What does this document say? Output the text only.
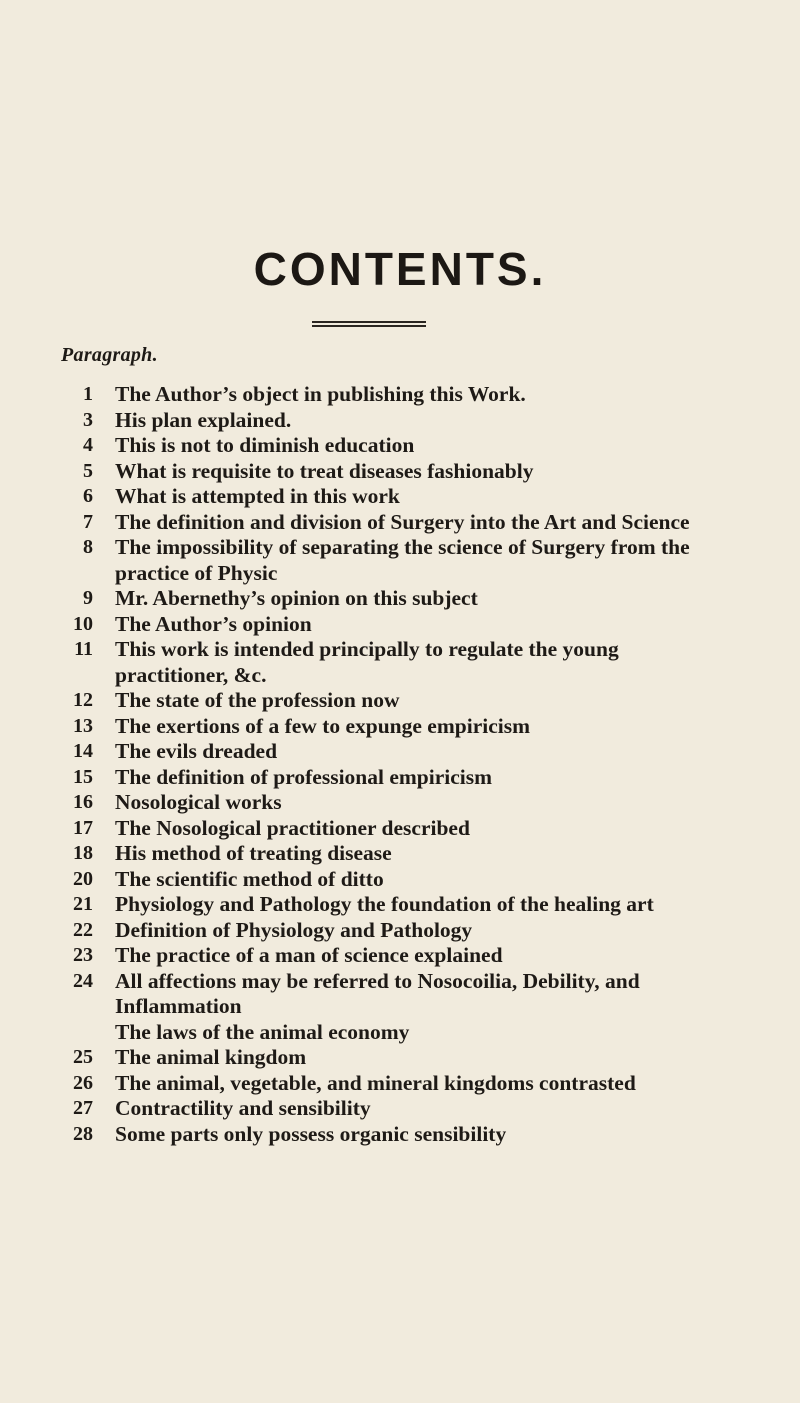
CONTENTS.
Paragraph.
1 The Author’s object in publishing this Work.
3 His plan explained.
4 This is not to diminish education
5 What is requisite to treat diseases fashionably
6 What is attempted in this work
7 The definition and division of Surgery into the Art and Science
8 The impossibility of separating the science of Surgery from the practice of Physic
9 Mr. Abernethy’s opinion on this subject
10 The Author’s opinion
11 This work is intended principally to regulate the young practitioner, &c.
12 The state of the profession now
13 The exertions of a few to expunge empiricism
14 The evils dreaded
15 The definition of professional empiricism
16 Nosological works
17 The Nosological practitioner described
18 His method of treating disease
20 The scientific method of ditto
21 Physiology and Pathology the foundation of the healing art
22 Definition of Physiology and Pathology
23 The practice of a man of science explained
24 All affections may be referred to Nosocoilia, Debility, and Inflammation
The laws of the animal economy
25 The animal kingdom
26 The animal, vegetable, and mineral kingdoms contrasted
27 Contractility and sensibility
28 Some parts only possess organic sensibility
